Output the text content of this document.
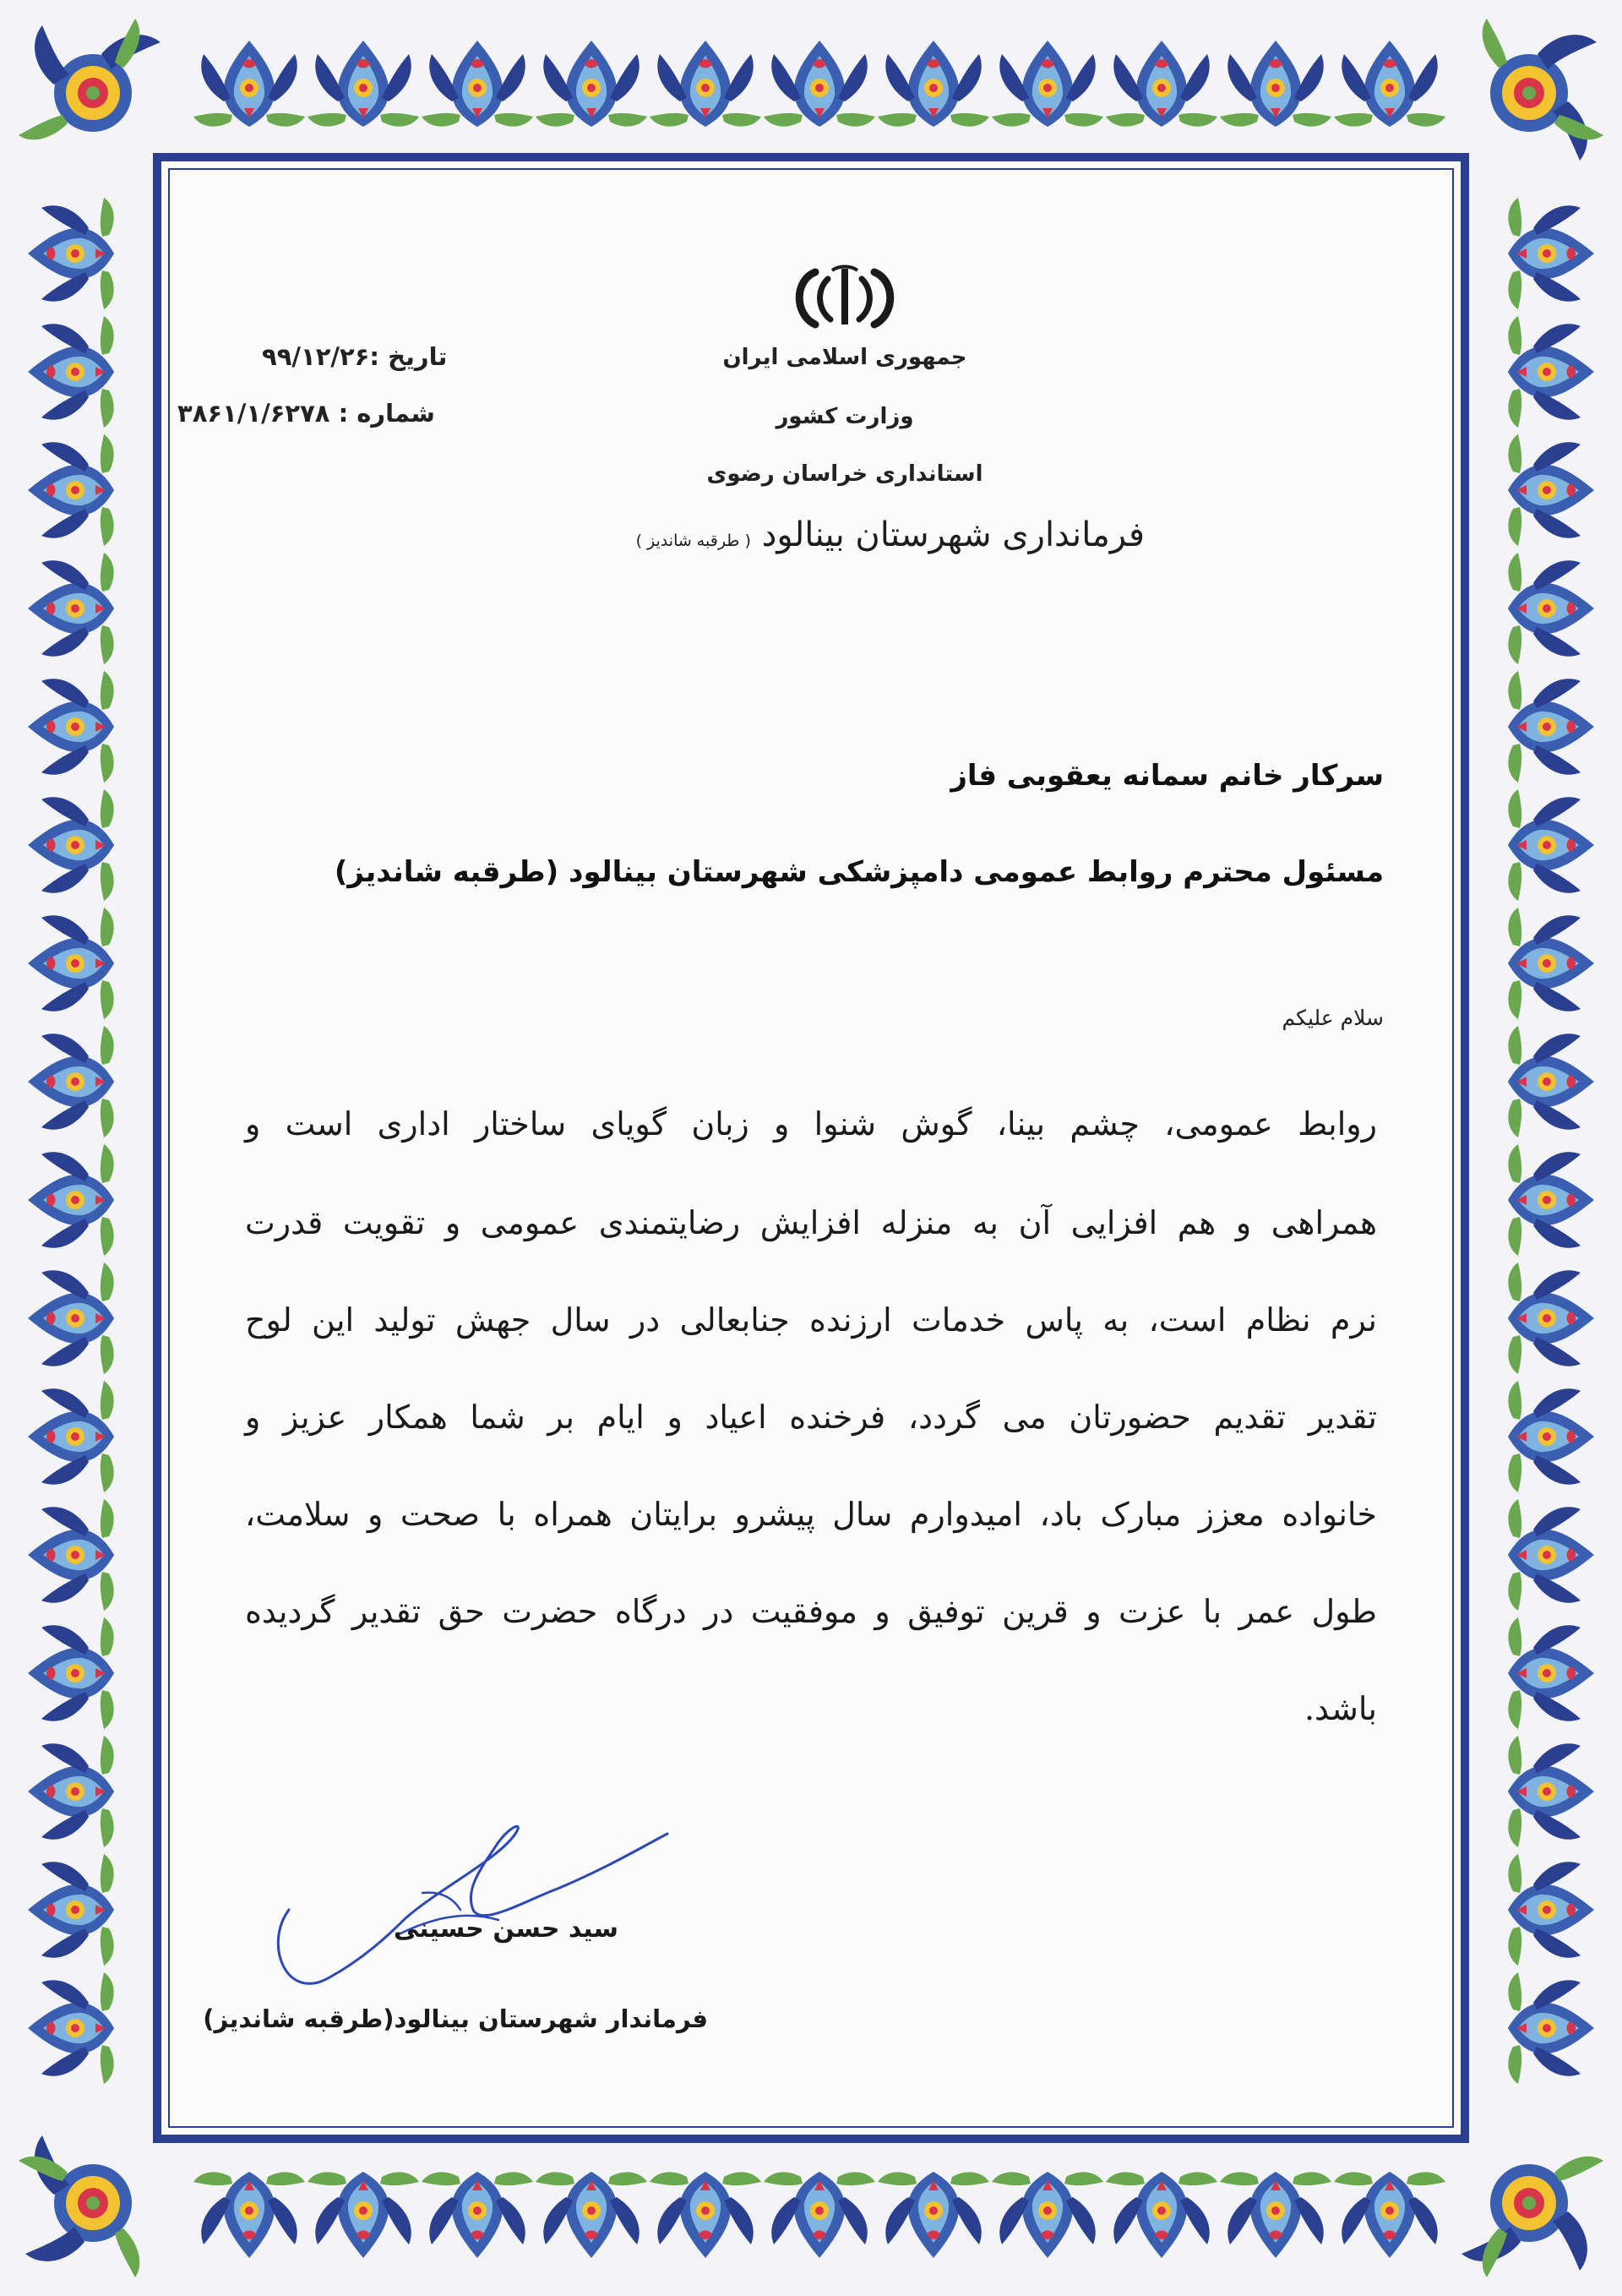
جمهوری اسلامی ایران
وزارت کشور
استانداری خراسان رضوی
فرمانداری شهرستان بینالود ( طرقبه شاندیز )
تاریخ :۹۹/۱۲/۲۶
شماره : ۳۸۶۱/۱/۶۲۷۸
سرکار خانم سمانه یعقوبی فاز
مسئول محترم روابط عمومی دامپزشکی شهرستان بینالود (طرقبه شاندیز)
سلام علیکم
روابط عمومی، چشم بینا، گوش شنوا و زبان گویای ساختار اداری است و
همراهی و هم افزایی آن به منزله افزایش رضایتمندی عمومی و تقویت قدرت
نرم نظام است، به پاس خدمات ارزنده جنابعالی در سال جهش تولید این لوح
تقدیر تقدیم حضورتان می گردد، فرخنده اعیاد و ایام بر شما همکار عزیز و
خانواده معزز مبارک باد، امیدوارم سال پیشرو برایتان همراه با صحت و سلامت،
طول عمر با عزت و قرین توفیق و موفقیت در درگاه حضرت حق تقدیر گردیده
باشد.
سید حسن حسینی
فرماندار شهرستان بینالود(طرقبه شاندیز)
